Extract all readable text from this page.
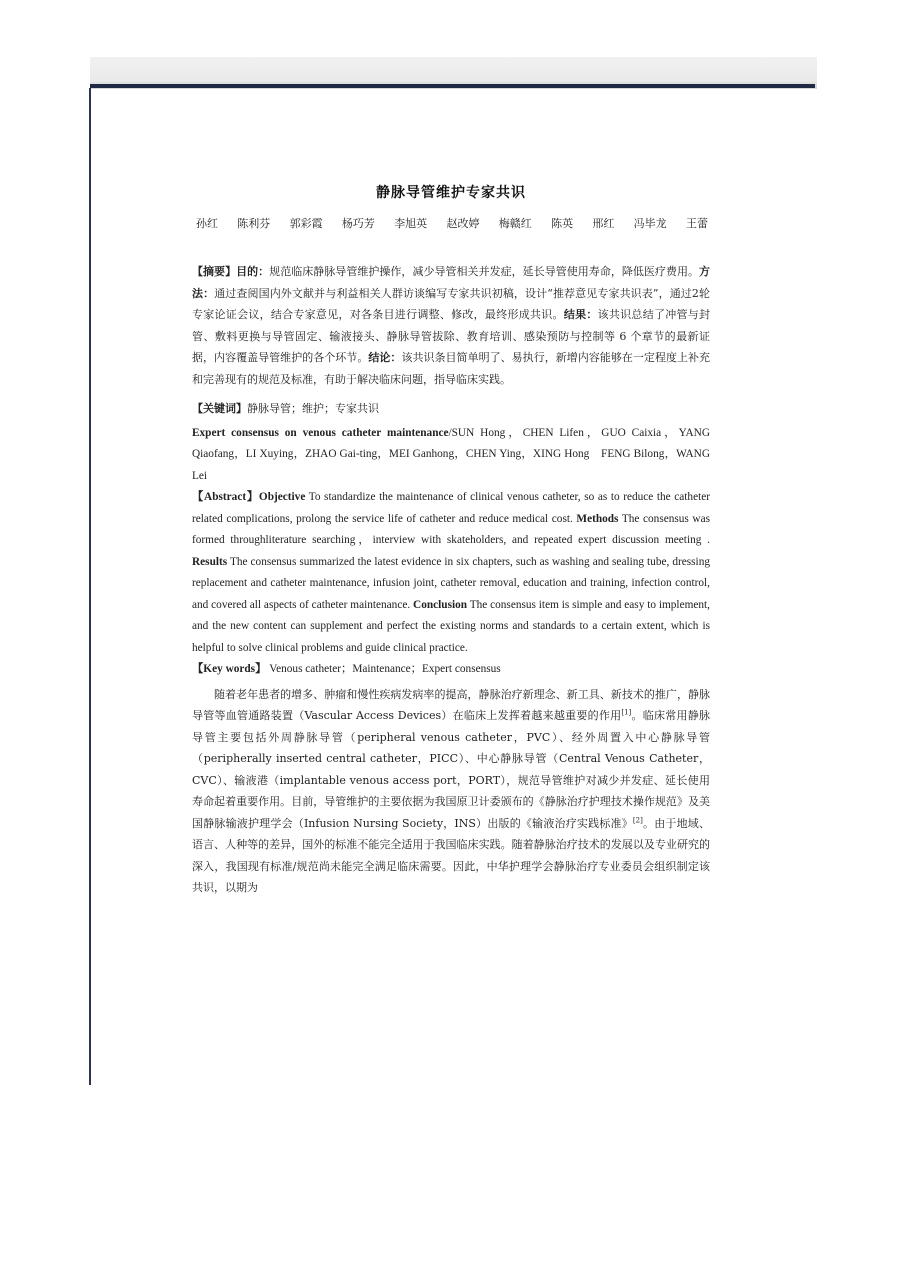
静脉导管维护专家共识
孙红 陈利芬 郭彩霞 杨巧芳 李旭英 赵改婷 梅赣红 陈英 邢红 冯毕龙 王蕾

【摘要】目的：规范临床静脉导管维护操作，减少导管相关并发症，延长导管使用寿命，降低医疗费用。方法：通过查阅国内外文献并与利益相关人群访谈编写专家共识初稿，设计“推荐意见专家共识表”，通过2轮专家论证会议，结合专家意见，对各条目进行调整、修改，最终形成共识。结果：该共识总结了冲管与封管、敷料更换与导管固定、输液接头、静脉导管拔除、教育培训、感染预防与控制等 6 个章节的最新证据，内容覆盖导管维护的各个环节。结论：该共识条目简单明了、易执行，新增内容能够在一定程度上补充和完善现有的规范及标准，有助于解决临床问题，指导临床实践。

【关键词】静脉导管；维护；专家共识

Expert consensus on venous catheter maintenance/SUN Hong，CHEN Lifen，GUO Caixia，YANG Qiaofang，LI Xuying，ZHAO Gai-ting，MEI Ganhong，CHEN Ying，XING Hong　FENG Bilong，WANG Lei

【Abstract】Objective To standardize the maintenance of clinical venous catheter, so as to reduce the catheter related complications, prolong the service life of catheter and reduce medical cost. Methods The consensus was formed throughliterature searching，interview with skateholders, and repeated expert discussion meeting . Results The consensus summarized the latest evidence in six chapters, such as washing and sealing tube, dressing replacement and catheter maintenance, infusion joint, catheter removal, education and training, infection control, and covered all aspects of catheter maintenance. Conclusion The consensus item is simple and easy to implement, and the new content can supplement and perfect the existing norms and standards to a certain extent, which is helpful to solve clinical problems and guide clinical practice.

【Key words】 Venous catheter；Maintenance；Expert consensus

随着老年患者的增多、肿瘤和慢性疾病发病率的提高，静脉治疗新理念、新工具、新技术的推广，静脉导管等血管通路装置（Vascular Access Devices）在临床上发挥着越来越重要的作用[1]。临床常用静脉导管主要包括外周静脉导管（peripheral venous catheter，PVC）、经外周置入中心静脉导管（peripherally inserted central catheter，PICC）、中心静脉导管（Central Venous Catheter，CVC）、输液港（implantable venous access port，PORT），规范导管维护对减少并发症、延长使用寿命起着重要作用。目前，导管维护的主要依据为我国原卫计委颁布的《静脉治疗护理技术操作规范》及美国静脉输液护理学会（Infusion Nursing Society，INS）出版的《输液治疗实践标准》[2]。由于地域、语言、人种等的差异，国外的标准不能完全适用于我国临床实践。随着静脉治疗技术的发展以及专业研究的深入，我国现有标准/规范尚未能完全满足临床需要。因此，中华护理学会静脉治疗专业委员会组织制定该共识，以期为
